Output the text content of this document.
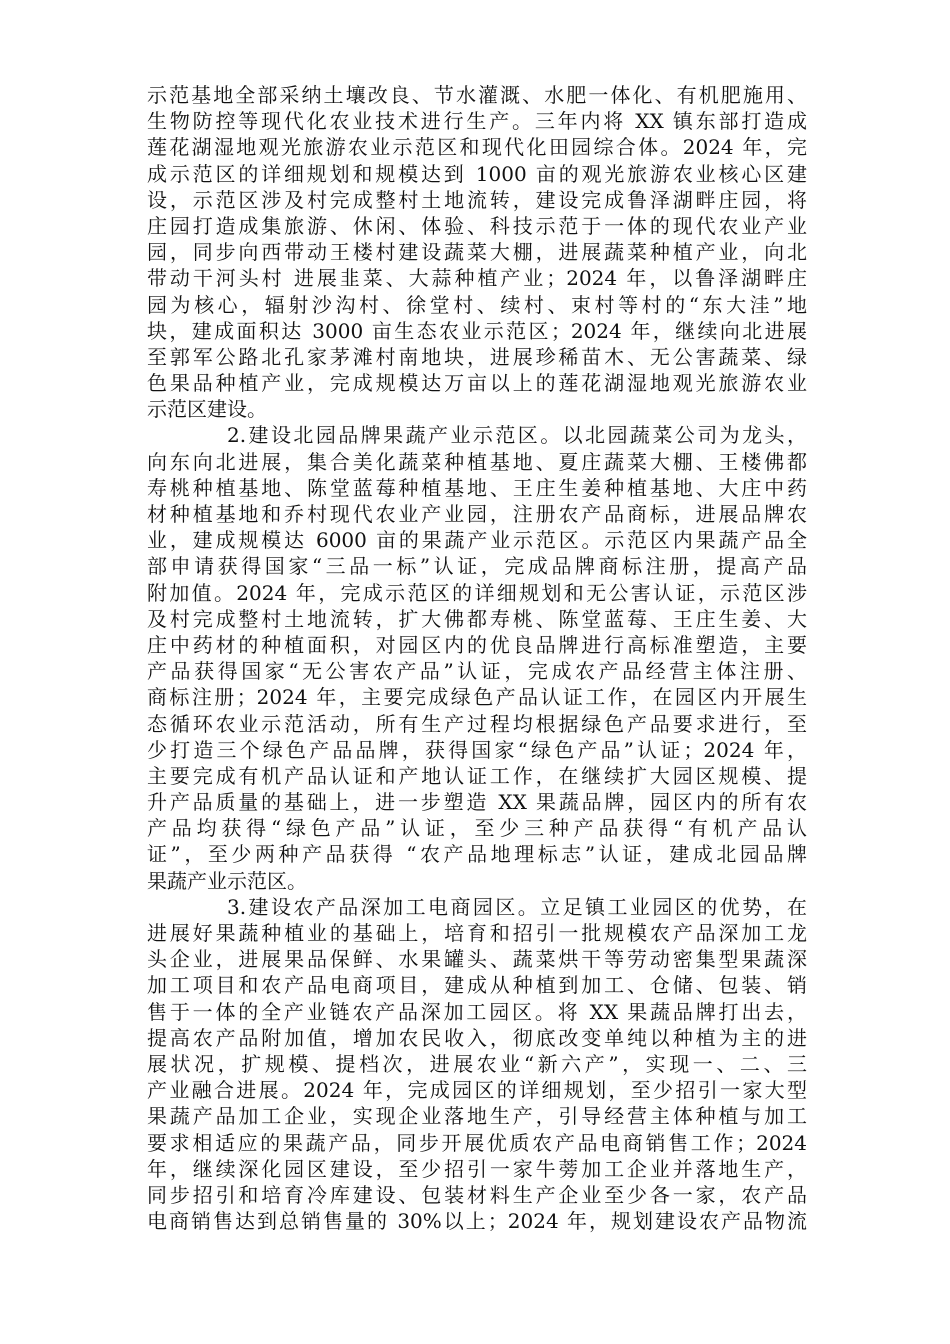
示范基地全部采纳土壤改良、节水灌溉、水肥一体化、有机肥施用、
生物防控等现代化农业技术进行生产。三年内将 XX 镇东部打造成
莲花湖湿地观光旅游农业示范区和现代化田园综合体。2024 年，完
成示范区的详细规划和规模达到 1000 亩的观光旅游农业核心区建
设，示范区涉及村完成整村土地流转，建设完成鲁泽湖畔庄园，将
庄园打造成集旅游、休闲、体验、科技示范于一体的现代农业产业
园，同步向西带动王楼村建设蔬菜大棚，进展蔬菜种植产业，向北
带动干河头村 进展韭菜、大蒜种植产业；2024 年，以鲁泽湖畔庄
园为核心，辐射沙沟村、徐堂村、续村、束村等村的“东大洼”地
块，建成面积达 3000 亩生态农业示范区；2024 年，继续向北进展
至郭军公路北孔家茅滩村南地块，进展珍稀苗木、无公害蔬菜、绿
色果品种植产业，完成规模达万亩以上的莲花湖湿地观光旅游农业
示范区建设。
2.建设北园品牌果蔬产业示范区。以北园蔬菜公司为龙头，
向东向北进展，集合美化蔬菜种植基地、夏庄蔬菜大棚、王楼佛都
寿桃种植基地、陈堂蓝莓种植基地、王庄生姜种植基地、大庄中药
材种植基地和乔村现代农业产业园，注册农产品商标，进展品牌农
业，建成规模达 6000 亩的果蔬产业示范区。示范区内果蔬产品全
部申请获得国家“三品一标”认证，完成品牌商标注册，提高产品
附加值。2024 年，完成示范区的详细规划和无公害认证，示范区涉
及村完成整村土地流转，扩大佛都寿桃、陈堂蓝莓、王庄生姜、大
庄中药材的种植面积，对园区内的优良品牌进行高标准塑造，主要
产品获得国家“无公害农产品”认证，完成农产品经营主体注册、
商标注册；2024 年，主要完成绿色产品认证工作，在园区内开展生
态循环农业示范活动，所有生产过程均根据绿色产品要求进行，至
少打造三个绿色产品品牌，获得国家“绿色产品”认证；2024 年，
主要完成有机产品认证和产地认证工作，在继续扩大园区规模、提
升产品质量的基础上，进一步塑造 XX 果蔬品牌，园区内的所有农
产品均获得“绿色产品”认证，至少三种产品获得“有机产品认
证”，至少两种产品获得 “农产品地理标志”认证，建成北园品牌
果蔬产业示范区。
3.建设农产品深加工电商园区。立足镇工业园区的优势，在
进展好果蔬种植业的基础上，培育和招引一批规模农产品深加工龙
头企业，进展果品保鲜、水果罐头、蔬菜烘干等劳动密集型果蔬深
加工项目和农产品电商项目，建成从种植到加工、仓储、包装、销
售于一体的全产业链农产品深加工园区。将 XX 果蔬品牌打出去，
提高农产品附加值，增加农民收入，彻底改变单纯以种植为主的进
展状况，扩规模、提档次，进展农业“新六产”，实现一、二、三
产业融合进展。2024 年，完成园区的详细规划，至少招引一家大型
果蔬产品加工企业，实现企业落地生产，引导经营主体种植与加工
要求相适应的果蔬产品，同步开展优质农产品电商销售工作；2024
年，继续深化园区建设，至少招引一家牛蒡加工企业并落地生产，
同步招引和培育冷库建设、包装材料生产企业至少各一家，农产品
电商销售达到总销售量的 30%以上；2024 年，规划建设农产品物流
